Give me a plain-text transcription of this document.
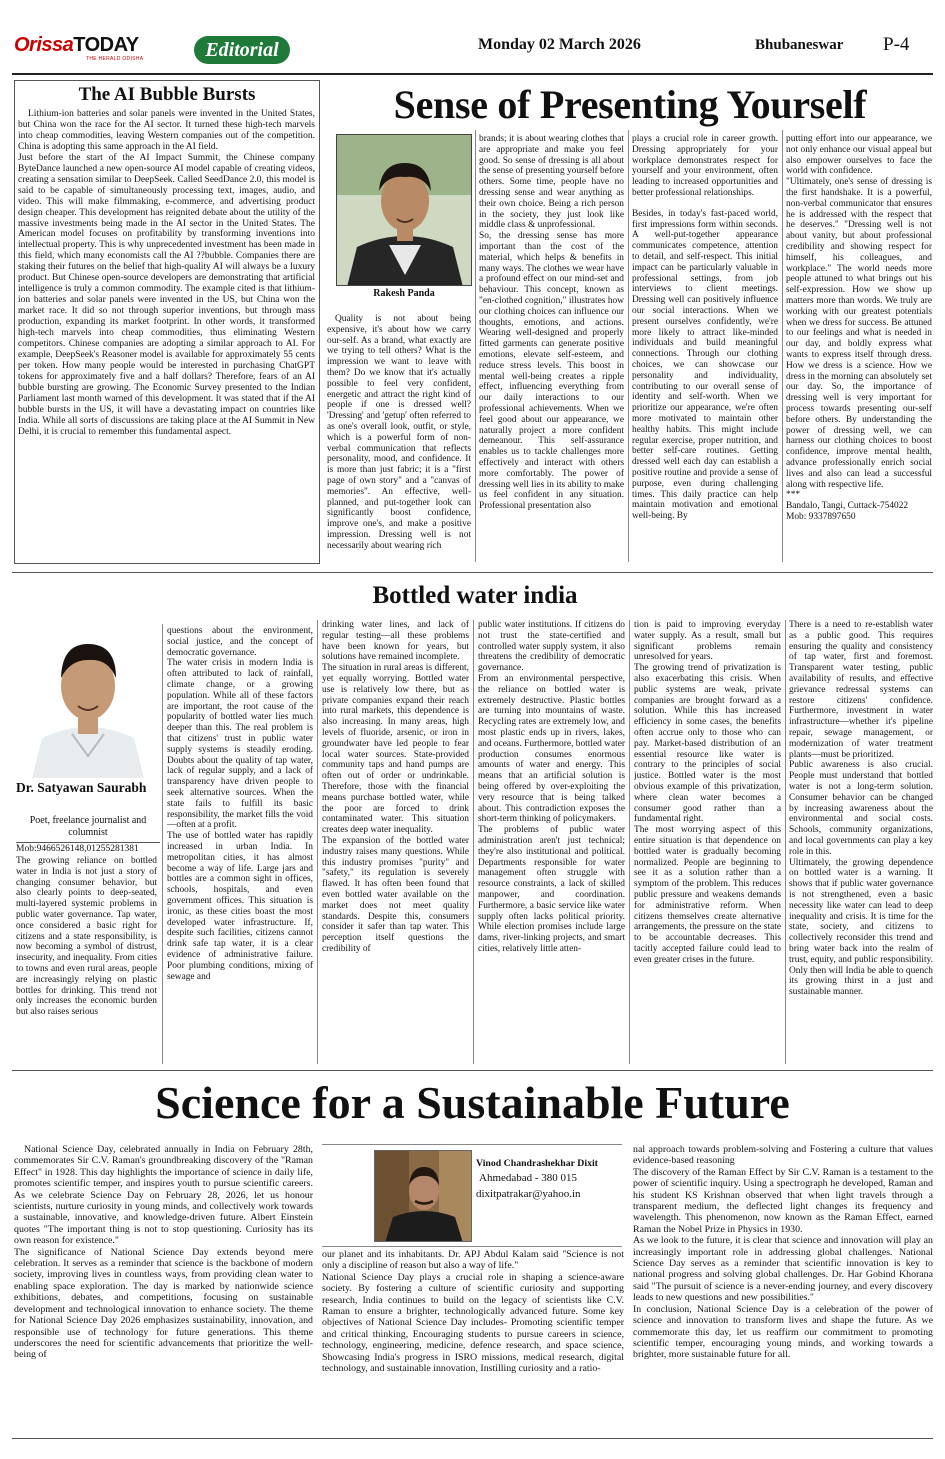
OrissaTODAY
THE HERALD ODISHA	Editorial	Monday 02 March 2026	Bhubaneswar P-4
The AI Bubble Bursts

Lithium-ion batteries and solar panels were invented in the United States, but China won the race for the AI sector. It turned these high-tech marvels into cheap commodities, leaving Western companies out of the competition. China is adopting this same approach in the AI field.

Just before the start of the AI Impact Summit, the Chinese company ByteDance launched a new open-source AI model capable of creating videos, creating a sensation similar to DeepSeek. Called SeedDance 2.0, this model is said to be capable of simultaneously processing text, images, audio, and video. This will make filmmaking, e-commerce, and advertising product design cheaper. This development has reignited debate about the utility of the massive investments being made in the AI sector in the United States. The American model focuses on profitability by transforming inventions into intellectual property. This is why unprecedented investment has been made in this field, which many economists call the AI ??bubble. Companies there are staking their futures on the belief that high-quality AI will always be a luxury product. But Chinese open-source developers are demonstrating that artificial intelligence is truly a common commodity. The example cited is that lithium-ion batteries and solar panels were invented in the US, but China won the market race. It did so not through superior inventions, but through mass production, expanding its market footprint. In other words, it transformed high-tech marvels into cheap commodities, thus eliminating Western competitors. Chinese companies are adopting a similar approach to AI. For example, DeepSeek's Reasoner model is available for approximately 55 cents per token. How many people would be interested in purchasing ChatGPT tokens for approximately five and a half dollars? Therefore, fears of an AI bubble bursting are growing. The Economic Survey presented to the Indian Parliament last month warned of this development. It was stated that if the AI bubble bursts in the US, it will have a devastating impact on countries like India. While all sorts of discussions are taking place at the AI Summit in New Delhi, it is crucial to remember this fundamental aspect.

Sense of Presenting Yourself
Rakesh Panda

Quality is not about being expensive, it's about how we carry our-self. As a brand, what exactly are we trying to tell others? What is the impression we want to leave with them? Do we know that it's actually possible to feel very confident, energetic and attract the right kind of people if one is dressed well? 'Dressing' and 'getup' often referred to as one's overall look, outfit, or style, which is a powerful form of non-verbal communication that reflects personality, mood, and confidence. It is more than just fabric; it is a "first page of own story" and a "canvas of memories". An effective, well-planned, and put-together look can significantly boost confidence, improve one's, and make a positive impression. Dressing well is not necessarily about wearing rich

brands; it is about wearing clothes that are appropriate and make you feel good. So sense of dressing is all about the sense of presenting yourself before others. Some time, people have no dressing sense and wear anything as their own choice. Being a rich person in the society, they just look like middle class & unprofessional.

So, the dressing sense has more important than the cost of the material, which helps & benefits in many ways. The clothes we wear have a profound effect on our mind-set and behaviour. This concept, known as "en-clothed cognition," illustrates how our clothing choices can influence our thoughts, emotions, and actions. Wearing well-designed and properly fitted garments can generate positive emotions, elevate self-esteem, and reduce stress levels. This boost in mental well-being creates a ripple effect, influencing everything from our daily interactions to our professional achievements. When we feel good about our appearance, we naturally project a more confident demeanour. This self-assurance enables us to tackle challenges more effectively and interact with others more comfortably. The power of dressing well lies in its ability to make us feel confident in any situation. Professional presentation also

plays a crucial role in career growth. Dressing appropriately for your workplace demonstrates respect for yourself and your environment, often leading to increased opportunities and better professional relationships.

Besides, in today's fast-paced world, first impressions form within seconds. A well-put-together appearance communicates competence, attention to detail, and self-respect. This initial impact can be particularly valuable in professional settings, from job interviews to client meetings. Dressing well can positively influence our social interactions. When we present ourselves confidently, we're more likely to attract like-minded individuals and build meaningful connections. Through our clothing choices, we can showcase our personality and individuality, contributing to our overall sense of identity and self-worth. When we prioritize our appearance, we're often more motivated to maintain other healthy habits. This might include regular exercise, proper nutrition, and better self-care routines. Getting dressed well each day can establish a positive routine and provide a sense of purpose, even during challenging times. This daily practice can help maintain motivation and emotional well-being. By

putting effort into our appearance, we not only enhance our visual appeal but also empower ourselves to face the world with confidence.

"Ultimately, one's sense of dressing is the first handshake. It is a powerful, non-verbal communicator that ensures he is addressed with the respect that he deserves." "Dressing well is not about vanity, but about professional credibility and showing respect for himself, his colleagues, and workplace." The world needs more people attuned to what brings out his self-expression. How we show up matters more than words. We truly are working with our greatest potentials when we dress for success. Be attuned to our feelings and what is needed in our day, and boldly express what wants to express itself through dress. How we dress is a science. How we dress in the morning can absolutely set our day. So, the importance of dressing well is very important for process towards presenting our-self before others. By understanding the power of dressing well, we can harness our clothing choices to boost confidence, improve mental health, advance professionally enrich social lives and also can lead a successful along with respective life.

***

Bandalo, Tangi, Cuttack-754022

Mob: 9337897650

Bottled water india
Dr. Satyawan Saurabh
Poet, freelance journalist and columnist
Mob:9466526148,01255281381

The growing reliance on bottled water in India is not just a story of changing consumer behavior, but also clearly points to deep-seated, multi-layered systemic problems in public water governance. Tap water, once considered a basic right for citizens and a state responsibility, is now becoming a symbol of distrust, insecurity, and inequality. From cities to towns and even rural areas, people are increasingly relying on plastic bottles for drinking. This trend not only increases the economic burden but also raises serious

questions about the environment, social justice, and the concept of democratic governance.

The water crisis in modern India is often attributed to lack of rainfall, climate change, or a growing population. While all of these factors are important, the root cause of the popularity of bottled water lies much deeper than this. The real problem is that citizens' trust in public water supply systems is steadily eroding. Doubts about the quality of tap water, lack of regular supply, and a lack of transparency have driven people to seek alternative sources. When the state fails to fulfill its basic responsibility, the market fills the void—often at a profit.

The use of bottled water has rapidly increased in urban India. In metropolitan cities, it has almost become a way of life. Large jars and bottles are a common sight in offices, schools, hospitals, and even government offices. This situation is ironic, as these cities boast the most developed water infrastructure. If, despite such facilities, citizens cannot drink safe tap water, it is a clear evidence of administrative failure. Poor plumbing conditions, mixing of sewage and

drinking water lines, and lack of regular testing—all these problems have been known for years, but solutions have remained incomplete.

The situation in rural areas is different, yet equally worrying. Bottled water use is relatively low there, but as private companies expand their reach into rural markets, this dependence is also increasing. In many areas, high levels of fluoride, arsenic, or iron in groundwater have led people to fear local water sources. State-provided community taps and hand pumps are often out of order or undrinkable. Therefore, those with the financial means purchase bottled water, while the poor are forced to drink contaminated water. This situation creates deep water inequality.

The expansion of the bottled water industry raises many questions. While this industry promises "purity" and "safety," its regulation is severely flawed. It has often been found that even bottled water available on the market does not meet quality standards. Despite this, consumers consider it safer than tap water. This perception itself questions the credibility of

public water institutions. If citizens do not trust the state-certified and controlled water supply system, it also threatens the credibility of democratic governance.

From an environmental perspective, the reliance on bottled water is extremely destructive. Plastic bottles are turning into mountains of waste. Recycling rates are extremely low, and most plastic ends up in rivers, lakes, and oceans. Furthermore, bottled water production consumes enormous amounts of water and energy. This means that an artificial solution is being offered by over-exploiting the very resource that is being talked about. This contradiction exposes the short-term thinking of policymakers.

The problems of public water administration aren't just technical; they're also institutional and political. Departments responsible for water management often struggle with resource constraints, a lack of skilled manpower, and coordination. Furthermore, a basic service like water supply often lacks political priority. While election promises include large dams, river-linking projects, and smart cities, relatively little atten-

tion is paid to improving everyday water supply. As a result, small but significant problems remain unresolved for years.

The growing trend of privatization is also exacerbating this crisis. When public systems are weak, private companies are brought forward as a solution. While this has increased efficiency in some cases, the benefits often accrue only to those who can pay. Market-based distribution of an essential resource like water is contrary to the principles of social justice. Bottled water is the most obvious example of this privatization, where clean water becomes a consumer good rather than a fundamental right.

The most worrying aspect of this entire situation is that dependence on bottled water is gradually becoming normalized. People are beginning to see it as a solution rather than a symptom of the problem. This reduces public pressure and weakens demands for administrative reform. When citizens themselves create alternative arrangements, the pressure on the state to be accountable decreases. This tacitly accepted failure could lead to even greater crises in the future.

There is a need to re-establish water as a public good. This requires ensuring the quality and consistency of tap water, first and foremost. Transparent water testing, public availability of results, and effective grievance redressal systems can restore citizens' confidence. Furthermore, investment in water infrastructure—whether it's pipeline repair, sewage management, or modernization of water treatment plants—must be prioritized.

Public awareness is also crucial. People must understand that bottled water is not a long-term solution. Consumer behavior can be changed by increasing awareness about the environmental and social costs. Schools, community organizations, and local governments can play a key role in this.

Ultimately, the growing dependence on bottled water is a warning. It shows that if public water governance is not strengthened, even a basic necessity like water can lead to deep inequality and crisis. It is time for the state, society, and citizens to collectively reconsider this trend and bring water back into the realm of trust, equity, and public responsibility. Only then will India be able to quench its growing thirst in a just and sustainable manner.

Science for a Sustainable Future

National Science Day, celebrated annually in India on February 28th, commemorates Sir C.V. Raman's groundbreaking discovery of the "Raman Effect" in 1928. This day highlights the importance of science in daily life, promotes scientific temper, and inspires youth to pursue scientific careers. As we celebrate Science Day on February 28, 2026, let us honour scientists, nurture curiosity in young minds, and collectively work towards a sustainable, innovative, and knowledge-driven future. Albert Einstein quotes "The important thing is not to stop questioning. Curiosity has its own reason for existence."

The significance of National Science Day extends beyond mere celebration. It serves as a reminder that science is the backbone of modern society, improving lives in countless ways, from providing clean water to enabling space exploration. The day is marked by nationwide science exhibitions, debates, and competitions, focusing on sustainable development and technological innovation to enhance society. The theme for National Science Day 2026 emphasizes sustainability, innovation, and responsible use of technology for future generations. This theme underscores the need for scientific advancements that prioritize the well-being of

Vinod Chandrashekhar Dixit
Ahmedabad - 380 015
dixitpatrakar@yahoo.in

our planet and its inhabitants. Dr. APJ Abdul Kalam said "Science is not only a discipline of reason but also a way of life."

National Science Day plays a crucial role in shaping a science-aware society. By fostering a culture of scientific curiosity and supporting research, India continues to build on the legacy of scientists like C.V. Raman to ensure a brighter, technologically advanced future. Some key objectives of National Science Day includes- Promoting scientific temper and critical thinking, Encouraging students to pursue careers in science, technology, engineering, medicine, defence research, and space science, Showcasing India's progress in ISRO missions, medical research, digital technology, and sustainable innovation, Instilling curiosity and a ratio-

nal approach towards problem-solving and Fostering a culture that values evidence-based reasoning

The discovery of the Raman Effect by Sir C.V. Raman is a testament to the power of scientific inquiry. Using a spectrograph he developed, Raman and his student KS Krishnan observed that when light travels through a transparent medium, the deflected light changes its frequency and wavelength. This phenomenon, now known as the Raman Effect, earned Raman the Nobel Prize in Physics in 1930.

As we look to the future, it is clear that science and innovation will play an increasingly important role in addressing global challenges. National Science Day serves as a reminder that scientific innovation is key to national progress and solving global challenges. Dr. Har Gobind Khorana said "The pursuit of science is a never-ending journey, and every discovery leads to new questions and new possibilities."

In conclusion, National Science Day is a celebration of the power of science and innovation to transform lives and shape the future. As we commemorate this day, let us reaffirm our commitment to promoting scientific temper, encouraging young minds, and working towards a brighter, more sustainable future for all.
